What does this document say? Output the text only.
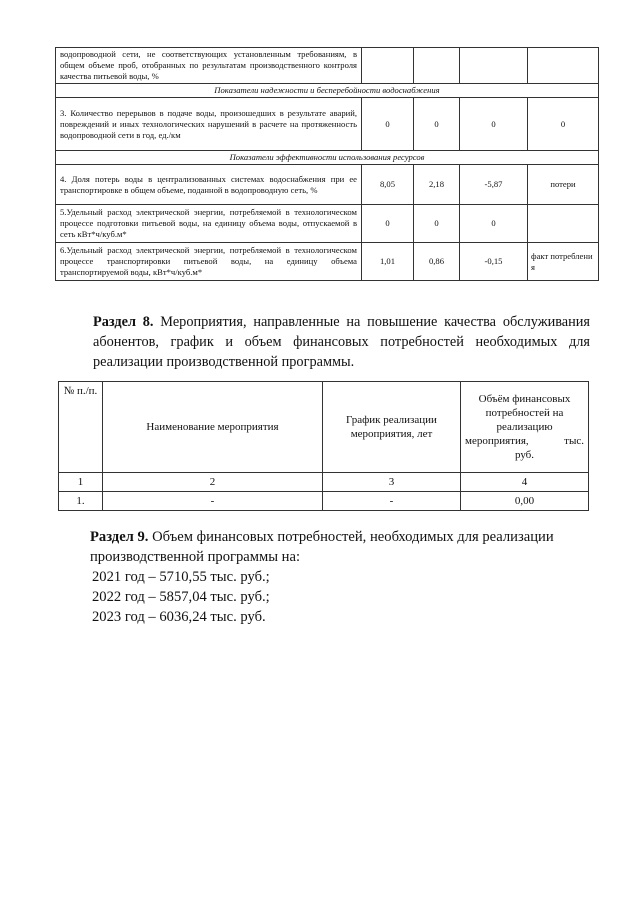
водопроводной сети, не соответствующих установленным требованиям, в общем объеме проб, отобранных по результатам производственного контроля качества питьевой воды, %				
Показатели надежности и бесперебойности водоснабжения				
3. Количество перерывов в подаче воды, произошедших в результате аварий, повреждений и иных технологических нарушений в расчете на протяженность водопроводной сети в год, ед./км	0	0	0	0
Показатели эффективности использования ресурсов				
4. Доля потерь воды в централизованных системах водоснабжения при ее транспортировке в общем объеме, поданной в водопроводную сеть, %	8,05	2,18	-5,87	потери
5.Удельный расход электрической энергии, потребляемой в технологическом процессе подготовки питьевой воды, на единицу объема воды, отпускаемой в сеть кВт*ч/куб.м*	0	0	0	
6.Удельный расход электрической энергии, потребляемой в технологическом процессе транспортировки питьевой воды, на единицу объема транспортируемой воды, кВт*ч/куб.м*	1,01	0,86	-0,15	факт потреблени я
Раздел 8. Мероприятия, направленные на повышение качества обслуживания абонентов, график и объем финансовых потребностей необходимых для реализации производственной программы.
№ п./п.	Наименование мероприятия	График реализации мероприятия, лет	Объём финансовых потребностей на реализацию
мероприятия, тыс.
руб.

1	2	3	4
1.	-	-	0,00
Раздел 9. Объем финансовых потребностей, необходимых для реализации производственной программы на:
2021 год – 5710,55 тыс. руб.;
2022 год – 5857,04 тыс. руб.;
2023 год – 6036,24 тыс. руб.
